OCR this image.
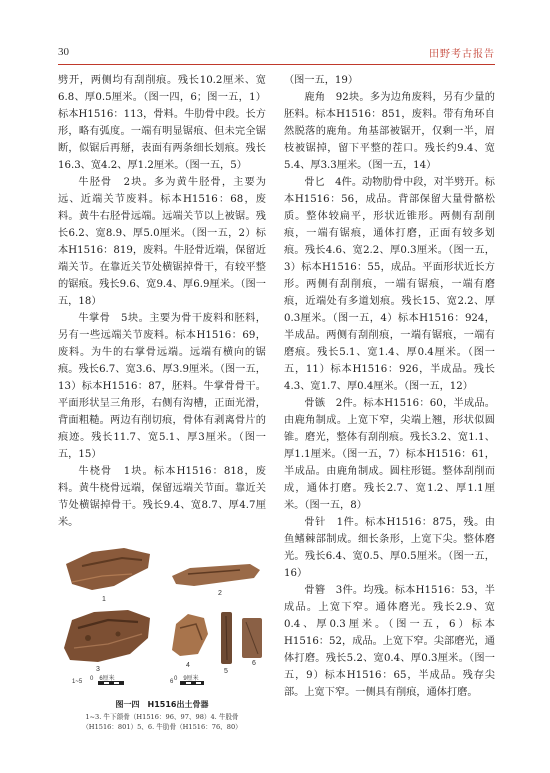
30	田野考古报告

劈开，两侧均有刮削痕。残长10.2厘米、宽6.8、厚0.5厘米。（图一四，6；图一五，1）标本H1516：113，骨料。牛肋骨中段。长方形，略有弧度。一端有明显锯痕、但未完全锯断，似锯后再掰，表面有两条细长划痕。残长16.3、宽4.2、厚1.2厘米。（图一五，5）

牛胫骨　2块。多为黄牛胫骨，主要为远、近端关节废料。标本H1516：68，废料。黄牛右胫骨远端。远端关节以上被锯。残长6.2、宽8.9、厚5.0厘米。（图一五，2）标本H1516：819，废料。牛胫骨近端，保留近端关节。在靠近关节处横锯掉骨干，有较平整的锯痕。残长9.6、宽9.4、厚6.9厘米。（图一五，18）

牛掌骨　5块。主要为骨干废料和胚料，另有一些远端关节废料。标本H1516：69，废料。为牛的右掌骨远端。远端有横向的锯痕。残长6.7、宽3.6、厚3.9厘米。（图一五，13）标本H1516：87，胚料。牛掌骨骨干。平面形状呈三角形，右侧有沟槽，正面光滑，背面粗糙。两边有削切痕，骨体有剥离骨片的痕迹。残长11.7、宽5.1、厚3厘米。（图一五，15）

牛桡骨　1块。标本H1516：818，废料。黄牛桡骨远端，保留远端关节面。靠近关节处横锯掉骨干。残长9.4、宽8.7、厚4.7厘米。

（图一五，19）

鹿角　92块。多为边角废料，另有少量的胚料。标本H1516：851，废料。带有角环自然脱落的鹿角。角基部被锯开，仅剩一半，眉枝被锯掉，留下平整的茬口。残长约9.4、宽5.4、厚3.3厘米。（图一五，14）

骨匕　4件。动物肋骨中段，对半劈开。标本H1516：56，成品。背部保留大量骨骼松质。整体较扁平，形状近锥形。两侧有刮削痕，一端有锯痕，通体打磨，正面有较多划痕。残长4.6、宽2.2、厚0.3厘米。（图一五，3）标本H1516：55，成品。平面形状近长方形。两侧有刮削痕，一端有锯痕，一端有磨痕，近端处有多道划痕。残长15、宽2.2、厚0.3厘米。（图一五，4）标本H1516：924，半成品。两侧有刮削痕，一端有锯痕，一端有磨痕。残长5.1、宽1.4、厚0.4厘米。（图一五，11）标本H1516：926，半成品。残长4.3、宽1.7、厚0.4厘米。（图一五，12）

骨镞　2件。标本H1516：60，半成品。由鹿角制成。上宽下窄，尖端上翘，形状似圆锥。磨光，整体有刮削痕。残长3.2、宽1.1、厚1.1厘米。（图一五，7）标本H1516：61，半成品。由鹿角制成。圆柱形铤。整体刮削而成，通体打磨。残长2.7、宽1.2、厚1.1厘米。（图一五，8）

骨针　1件。标本H1516：875，残。由鱼鳍棘部制成。细长条形，上宽下尖。整体磨光。残长6.4、宽0.5、厚0.5厘米。（图一五，16）

骨簪　3件。均残。标本H1516：53，半成品。上宽下窄。通体磨光。残长2.9、宽0.4、厚0.3厘米。（图一五，6）标本H1516：52，成品。上宽下窄。尖部磨光，通体打磨。残长5.2、宽0.4、厚0.3厘米。（图一五，9）标本H1516：65，半成品。残存尖部。上宽下窄。一侧具有削痕，通体打磨。

1
2
3
4
5
6
0　6厘米
1~5	0　9厘米
6
图一四　H1516出土骨器
1~3. 牛下颌骨（H1516：96、97、98）4. 牛股骨
（H1516：801）5、6. 牛肋骨（H1516：76、80）
